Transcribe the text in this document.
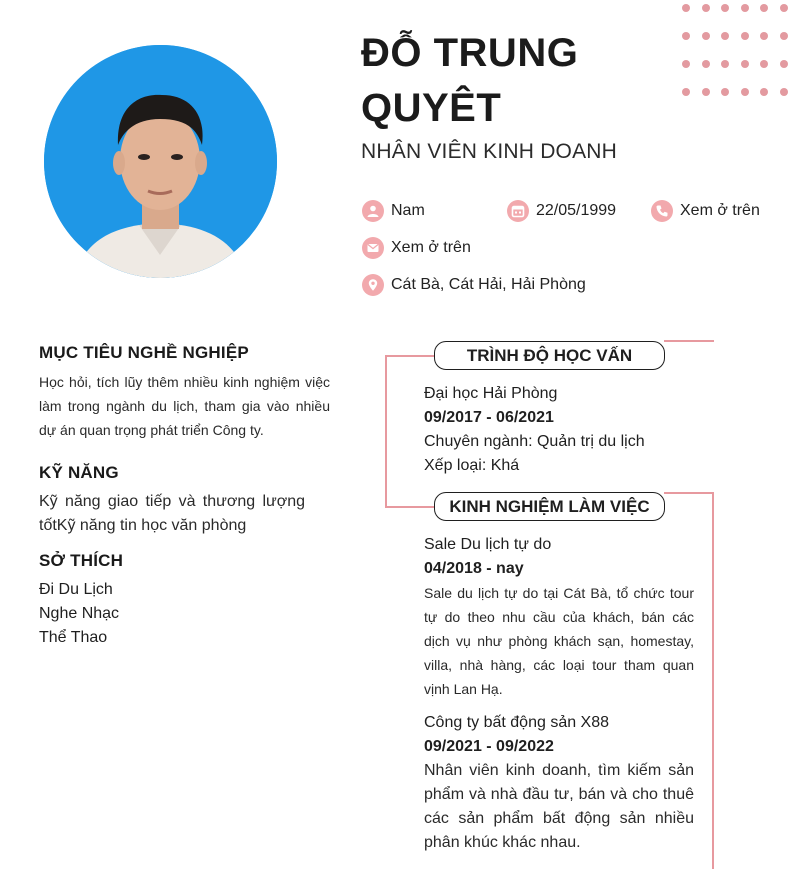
ĐỖ TRUNG QUYÊT
NHÂN VIÊN KINH DOANH
Nam	22/05/1999	Xem ở trên
Xem ở trên
Cát Bà, Cát Hải, Hải Phòng
MỤC TIÊU NGHỀ NGHIỆP
Học hỏi, tích lũy thêm nhiều kinh nghiệm việc làm trong ngành du lịch, tham gia vào nhiều dự án quan trọng phát triển Công ty.
KỸ NĂNG
Kỹ năng giao tiếp và thương lượng tốtKỹ năng tin học văn phòng
SỞ THÍCH
Đi Du Lịch
Nghe Nhạc
Thể Thao
TRÌNH ĐỘ HỌC VẤN
Đại học Hải Phòng
09/2017 - 06/2021
Chuyên ngành: Quản trị du lịch
Xếp loại: Khá
KINH NGHIỆM LÀM VIỆC
Sale Du lịch tự do
04/2018 - nay
Sale du lịch tự do tại Cát Bà, tổ chức tour tự do theo nhu cầu của khách, bán các dịch vụ như phòng khách sạn, homestay, villa, nhà hàng, các loại tour tham quan vịnh Lan Hạ.
Công ty bất động sản X88
09/2021 - 09/2022
Nhân viên kinh doanh, tìm kiếm sản phẩm và nhà đầu tư, bán và cho thuê các sản phẩm bất động sản nhiều phân khúc khác nhau.
